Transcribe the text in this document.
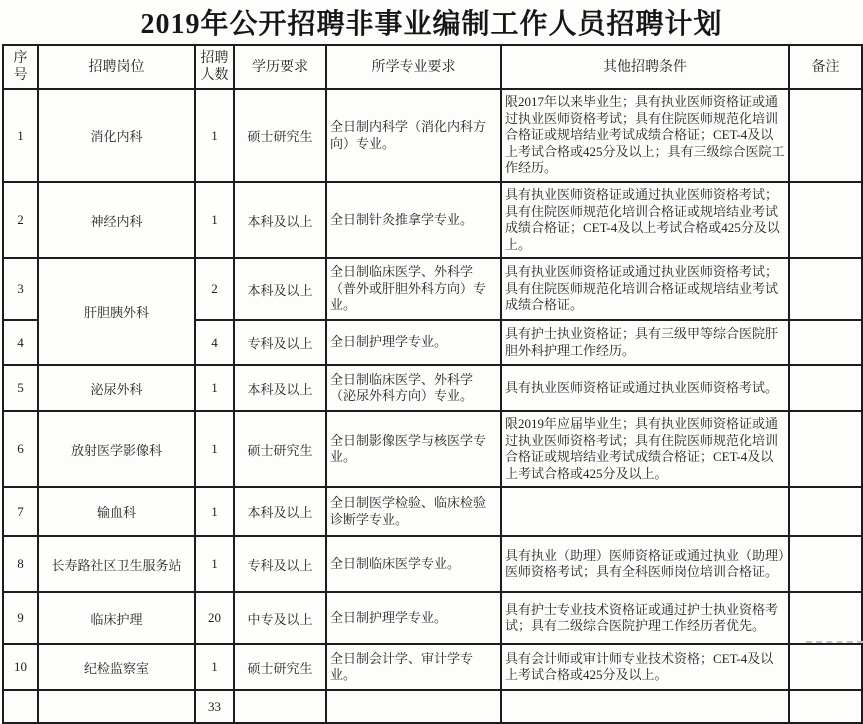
2019年公开招聘非事业编制工作人员招聘计划
序号	招聘岗位	招聘人数	学历要求	所学专业要求	其他招聘条件	备注
1	消化内科	1	硕士研究生	全日制内科学（消化内科方向）专业。	限2017年以来毕业生；具有执业医师资格证或通过执业医师资格考试；具有住院医师规范化培训合格证或规培结业考试成绩合格证；CET-4及以上考试合格或425分及以上；具有三级综合医院工作经历。	
2	神经内科	1	本科及以上	全日制针灸推拿学专业。	具有执业医师资格证或通过执业医师资格考试；具有住院医师规范化培训合格证或规培结业考试成绩合格证；CET-4及以上考试合格或425分及以上。	
3	肝胆胰外科	2	本科及以上	全日制临床医学、外科学（普外或肝胆外科方向）专业。	具有执业医师资格证或通过执业医师资格考试；具有住院医师规范化培训合格证或规培结业考试成绩合格证。	
4		4	专科及以上	全日制护理学专业。	具有护士执业资格证；具有三级甲等综合医院肝胆外科护理工作经历。	
5	泌尿外科	1	本科及以上	全日制临床医学、外科学（泌尿外科方向）专业。	具有执业医师资格证或通过执业医师资格考试。	
6	放射医学影像科	1	硕士研究生	全日制影像医学与核医学专业。	限2019年应届毕业生；具有执业医师资格证或通过执业医师资格考试；具有住院医师规范化培训合格证或规培结业考试成绩合格证；CET-4及以上考试合格或425分及以上。	
7	输血科	1	本科及以上	全日制医学检验、临床检验诊断学专业。		
8	长寿路社区卫生服务站	1	专科及以上	全日制临床医学专业。	具有执业（助理）医师资格证或通过执业（助理）医师资格考试；具有全科医师岗位培训合格证。	
9	临床护理	20	中专及以上	全日制护理学专业。	具有护士专业技术资格证或通过护士执业资格考试；具有二级综合医院护理工作经历者优先。	
10	纪检监察室	1	硕士研究生	全日制会计学、审计学专业。	具有会计师或审计师专业技术资格；CET-4及以上考试合格或425分及以上。	
		33				
